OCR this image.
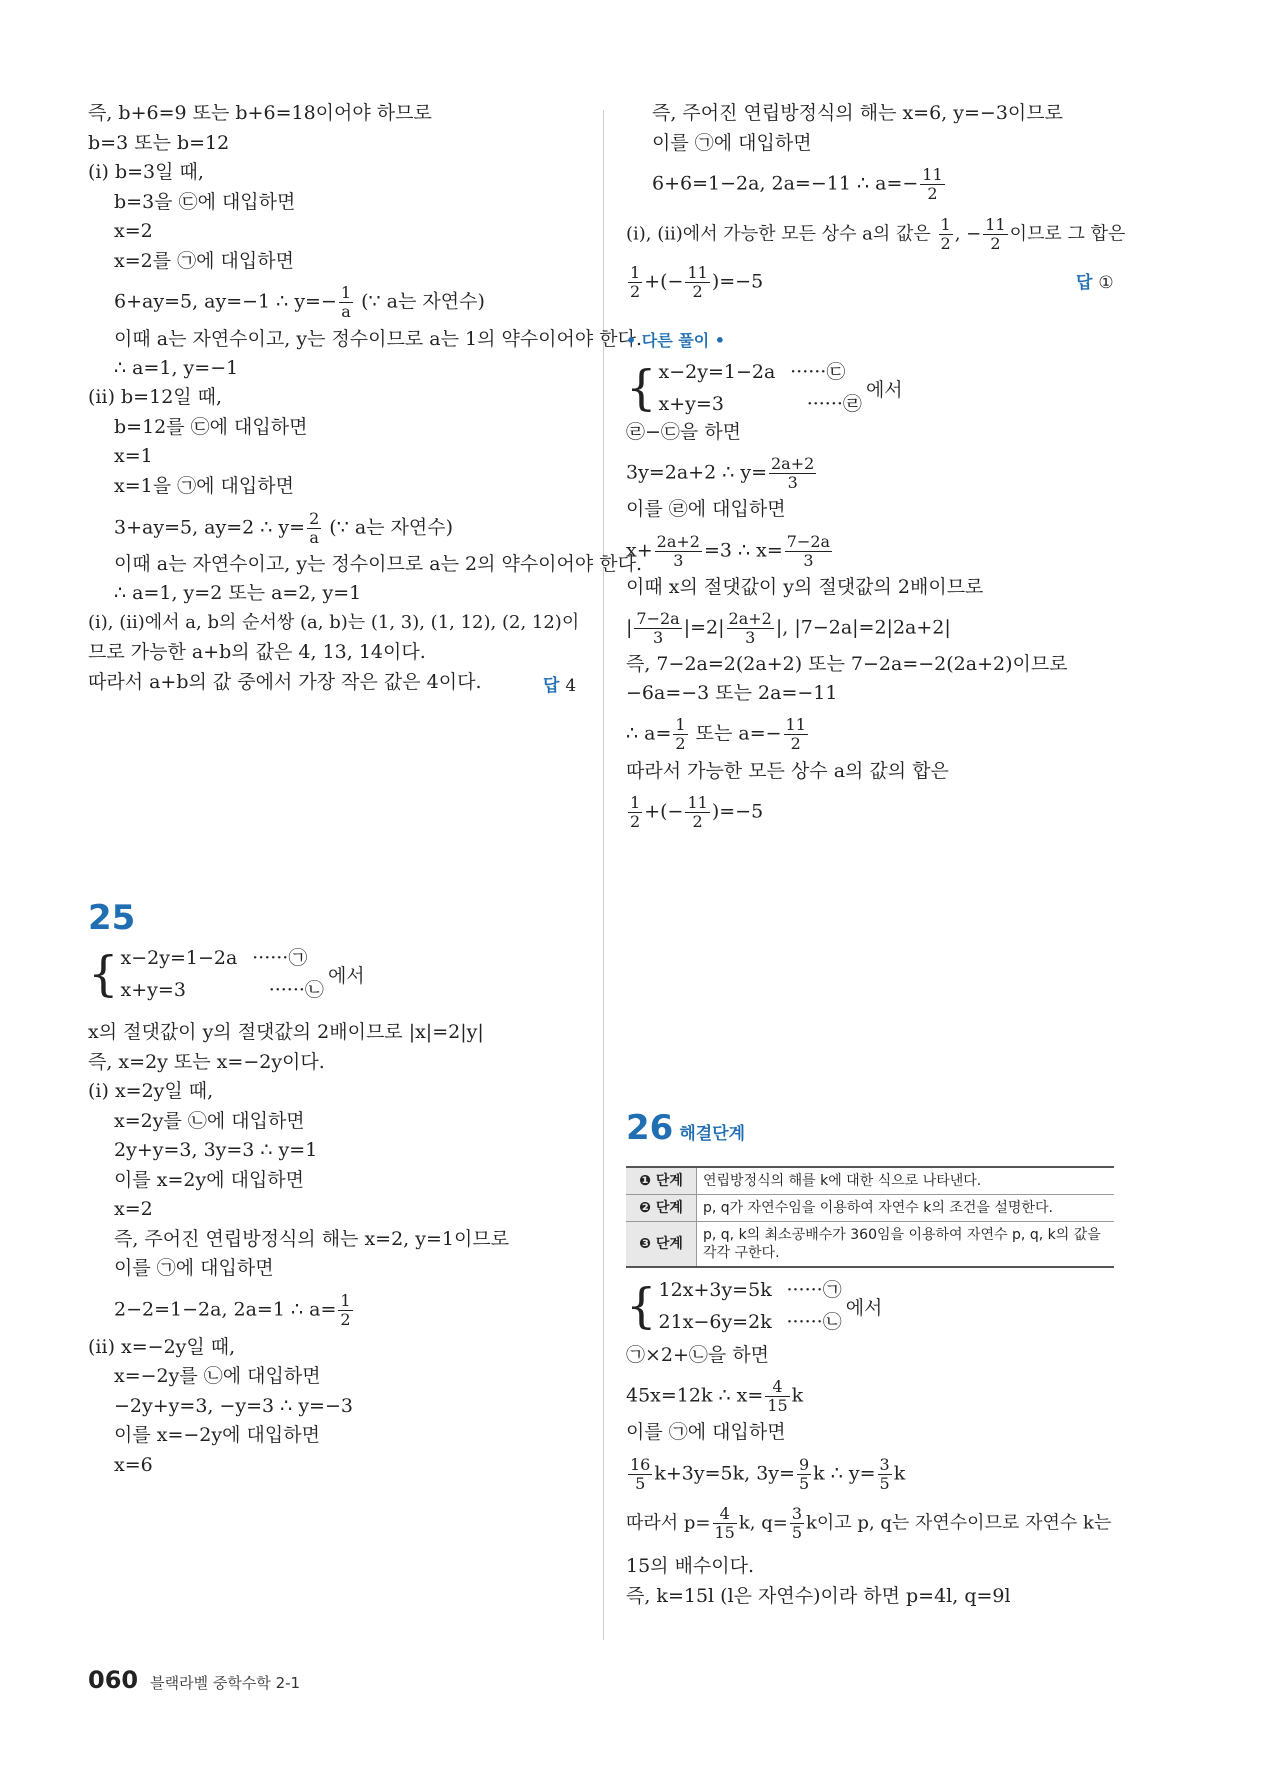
즉, b+6=9 또는 b+6=18이어야 하므로
b=3 또는 b=12
(ⅰ) b=3일 때,
b=3을 ㉢에 대입하면
x=2
x=2를 ㉠에 대입하면
6+ay=5, ay=−1 ∴ $y=- \frac{1}{a}$ (∵ a는 자연수)
이때 a는 자연수이고, y는 정수이므로 a는 1의 약수이어야 한다.
∴ a=1, y=−1
(ⅱ) b=12일 때,
b=12를 ㉢에 대입하면
x=1
x=1을 ㉠에 대입하면
3+ay=5, ay=2 ∴ $y= \frac{2}{a}$ (∵ a는 자연수)
이때 a는 자연수이고, y는 정수이므로 a는 2의 약수이어야 한다.
∴ a=1, y=2 또는 a=2, y=1
(ⅰ), (ⅱ)에서 a, b의 순서쌍 (a, b)는 (1, 3), (1, 12), (2, 12)이
므로 가능한 a+b의 값은 4, 13, 14이다.
따라서 a+b의 값 중에서 가장 작은 값은 4이다.	답 4
25
{ x−2y=1−2a ······㉠
x+y=3	······㉡
에서
x의 절댓값이 y의 절댓값의 2배이므로 |x|=2|y|
즉, x=2y 또는 x=−2y이다.
(ⅰ) x=2y일 때,
x=2y를 ㉡에 대입하면
2y+y=3, 3y=3 ∴ y=1
이를 x=2y에 대입하면
x=2
즉, 주어진 연립방정식의 해는 x=2, y=1이므로
이를 ㉠에 대입하면
2−2=1−2a, 2a=1 ∴ $a= \frac{1}{2}$
(ⅱ) x=−2y일 때,
x=−2y를 ㉡에 대입하면
−2y+y=3, −y=3 ∴ y=−3
이를 x=−2y에 대입하면
x=6
즉, 주어진 연립방정식의 해는 x=6, y=−3이므로
이를 ㉠에 대입하면
6+6=1−2a, 2a=−11 ∴ $a=- \frac{11}{2}$
(ⅰ), (ⅱ)에서 가능한 모든 상수 a의 값은 $\frac{1}{2}$ , − $\frac{11}{2}$ 이므로 그 합은
$\frac{1}{2}$ +(− $\frac{11}{2} )=-5$	답 ①
• 다른 풀이 •
{ x−2y=1−2a ······㉢
x+y=3	······㉣
에서
㉣−㉢을 하면
3y=2a+2 ∴ $y= \frac{2a+2}{3}$
이를 ㉣에 대입하면
$x+ \frac{2a+2}{3} =3$ ∴ $x= \frac{7-2a}{3}$
이때 x의 절댓값이 y의 절댓값의 2배이므로
| $\frac{7-2a}{3} |=2| \frac{2a+2}{3}$ |, |7−2a|=2|2a+2|
즉, 7−2a=2(2a+2) 또는 7−2a=−2(2a+2)이므로
−6a=−3 또는 2a=−11
∴ $a= \frac{1}{2}$ 또는 $a=- \frac{11}{2}$
따라서 가능한 모든 상수 a의 값의 합은
$\frac{1}{2}$ +(− $\frac{11}{2} )=-5$
26 해결단계
❶ 단계	연립방정식의 해를 k에 대한 식으로 나타낸다.
❷ 단계	p, q가 자연수임을 이용하여 자연수 k의 조건을 설명한다.
❸ 단계	p, q, k의 최소공배수가 360임을 이용하여 자연수 p, q, k의 값을 각각 구한다.
{ 12x+3y=5k ······㉠
21x−6y=2k ······㉡
에서
㉠×2+㉡을 하면
45x=12k ∴ $x= \frac{4}{15}$ k
이를 ㉠에 대입하면
$\frac{16}{5} k+3y=5k$, $3y= \frac{9}{5}$ k ∴ $y= \frac{3}{5}$ k
따라서 $p= \frac{4}{15} k$, $q= \frac{3}{5}$ k이고 p, q는 자연수이므로 자연수 k는
15의 배수이다.
즉, k=15l (l은 자연수)이라 하면 p=4l, q=9l
060 블랙라벨 중학수학 2-1
